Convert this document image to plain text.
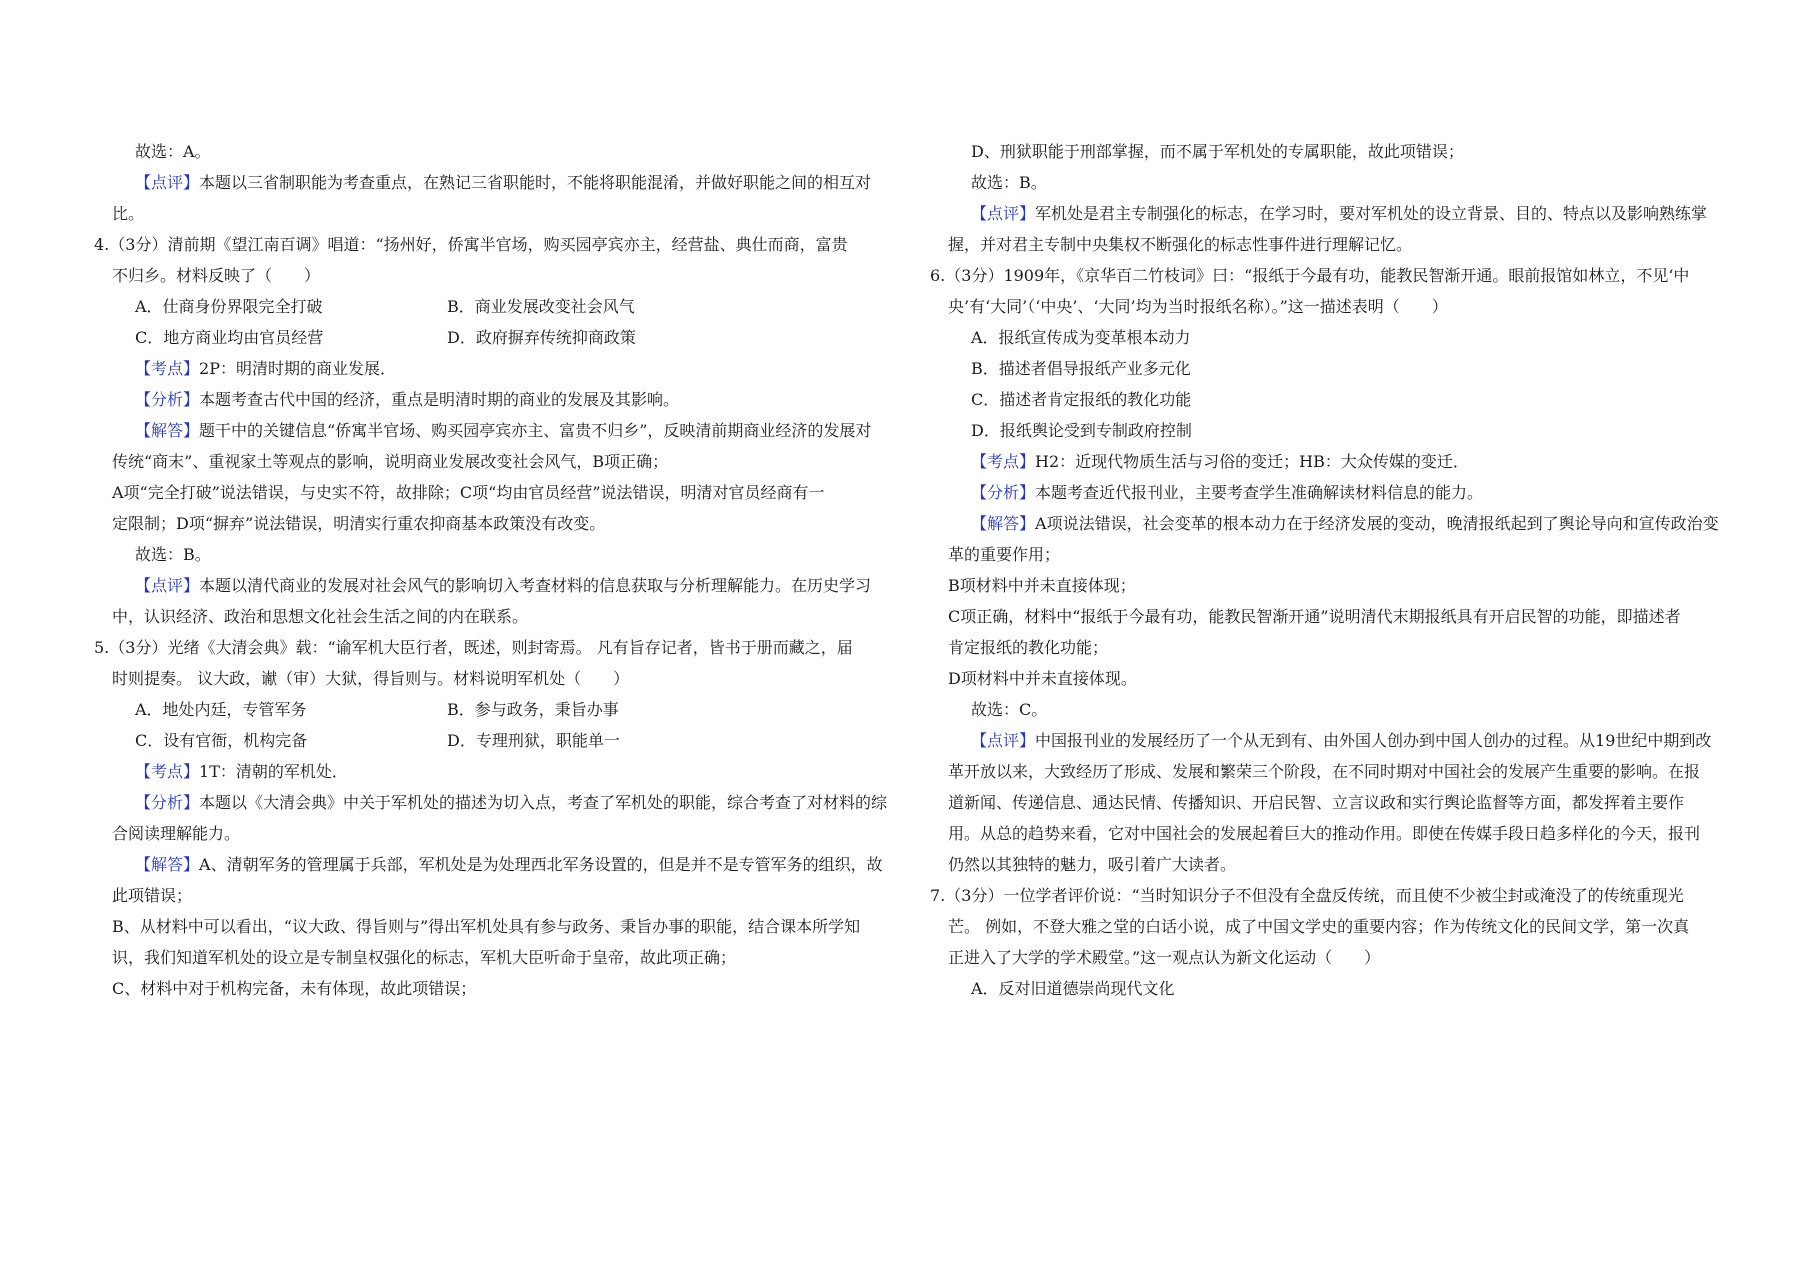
故选：A。
【点评】本题以三省制职能为考查重点，在熟记三省职能时，不能将职能混淆，并做好职能之间的相互对
比。
4.（3分）清前期《望江南百调》唱道：“扬州好，侨寓半官场，购买园亭宾亦主，经营盐、典仕而商，富贵
不归乡。材料反映了（　　）
A．仕商身份界限完全打破	B．商业发展改变社会风气
C．地方商业均由官员经营	D．政府摒弃传统抑商政策
【考点】2P：明清时期的商业发展．
【分析】本题考查古代中国的经济，重点是明清时期的商业的发展及其影响。
【解答】题干中的关键信息“侨寓半官场、购买园亭宾亦主、富贵不归乡”，反映清前期商业经济的发展对
传统“商末”、重视家土等观点的影响，说明商业发展改变社会风气，B项正确；
A项“完全打破”说法错误，与史实不符，故排除；C项“均由官员经营”说法错误，明清对官员经商有一
定限制；D项“摒弃”说法错误，明清实行重农抑商基本政策没有改变。
故选：B。
【点评】本题以清代商业的发展对社会风气的影响切入考查材料的信息获取与分析理解能力。在历史学习
中，认识经济、政治和思想文化社会生活之间的内在联系。
5.（3分）光绪《大清会典》载：“谕军机大臣行者，既述，则封寄焉。 凡有旨存记者，皆书于册而藏之，届
时则提奏。 议大政，谳（审）大狱，得旨则与。材料说明军机处（　　）
A．地处内廷，专管军务	B．参与政务，秉旨办事
C．设有官衙，机构完备	D．专理刑狱，职能单一
【考点】1T：清朝的军机处．
【分析】本题以《大清会典》中关于军机处的描述为切入点，考查了军机处的职能，综合考查了对材料的综
合阅读理解能力。
【解答】A、清朝军务的管理属于兵部，军机处是为处理西北军务设置的，但是并不是专管军务的组织，故
此项错误；
B、从材料中可以看出，“议大政、得旨则与”得出军机处具有参与政务、秉旨办事的职能，结合课本所学知
识，我们知道军机处的设立是专制皇权强化的标志，军机大臣听命于皇帝，故此项正确；
C、材料中对于机构完备，未有体现，故此项错误；
D、刑狱职能于刑部掌握，而不属于军机处的专属职能，故此项错误；
故选：B。
【点评】军机处是君主专制强化的标志，在学习时，要对军机处的设立背景、目的、特点以及影响熟练掌
握，并对君主专制中央集权不断强化的标志性事件进行理解记忆。
6.（3分）1909年，《京华百二竹枝词》曰：“报纸于今最有功，能教民智渐开通。眼前报馆如林立，不见‘中
央’有‘大同’（‘中央’、‘大同’均为当时报纸名称）。”这一描述表明（　　）
A．报纸宣传成为变革根本动力
B．描述者倡导报纸产业多元化
C．描述者肯定报纸的教化功能
D．报纸舆论受到专制政府控制
【考点】H2：近现代物质生活与习俗的变迁；HB：大众传媒的变迁．
【分析】本题考查近代报刊业，主要考查学生准确解读材料信息的能力。
【解答】A项说法错误，社会变革的根本动力在于经济发展的变动，晚清报纸起到了舆论导向和宣传政治变
革的重要作用；
B项材料中并未直接体现；
C项正确，材料中“报纸于今最有功，能教民智渐开通”说明清代末期报纸具有开启民智的功能，即描述者
肯定报纸的教化功能；
D项材料中并未直接体现。
故选：C。
【点评】中国报刊业的发展经历了一个从无到有、由外国人创办到中国人创办的过程。从19世纪中期到改
革开放以来，大致经历了形成、发展和繁荣三个阶段，在不同时期对中国社会的发展产生重要的影响。在报
道新闻、传递信息、通达民情、传播知识、开启民智、立言议政和实行舆论监督等方面，都发挥着主要作
用。从总的趋势来看，它对中国社会的发展起着巨大的推动作用。即使在传媒手段日趋多样化的今天，报刊
仍然以其独特的魅力，吸引着广大读者。
7.（3分）一位学者评价说：“当时知识分子不但没有全盘反传统，而且使不少被尘封或淹没了的传统重现光
芒。 例如，不登大雅之堂的白话小说，成了中国文学史的重要内容；作为传统文化的民间文学，第一次真
正进入了大学的学术殿堂。”这一观点认为新文化运动（　　）
A．反对旧道德崇尚现代文化
